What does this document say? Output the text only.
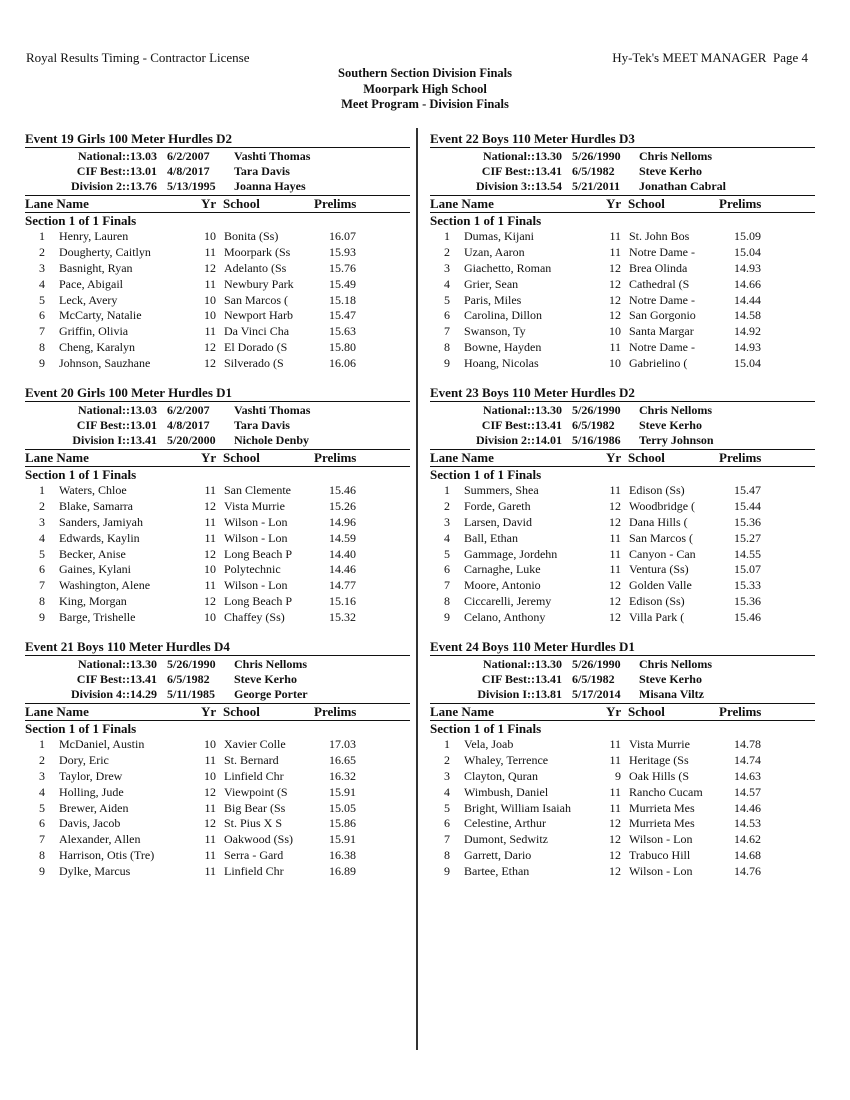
Royal Results Timing - Contractor License	Hy-Tek's MEET MANAGER  Page 4
Southern Section Division Finals
Moorpark High School
Meet Program - Division Finals
Event 19 Girls 100 Meter Hurdles D2
National:: 13.03 6/2/2007 Vashti Thomas
CIF Best:: 13.01 4/8/2017 Tara Davis
Division 2:: 13.76 5/13/1995 Joanna Hayes
Lane Name	Yr School	Prelims
Section 1 of 1 Finals
1 Henry, Lauren	10 Bonita (Ss)	16.07
2 Dougherty, Caitlyn	11 Moorpark (Ss	15.93
3 Basnight, Ryan	12 Adelanto (Ss	15.76
4 Pace, Abigail	11 Newbury Park	15.49
5 Leck, Avery	10 San Marcos (	15.18
6 McCarty, Natalie	10 Newport Harb	15.47
7 Griffin, Olivia	11 Da Vinci Cha	15.63
8 Cheng, Karalyn	12 El Dorado (S	15.80
9 Johnson, Sauzhane	12 Silverado (S	16.06
Event 20 Girls 100 Meter Hurdles D1
National:: 13.03 6/2/2007 Vashti Thomas
CIF Best:: 13.01 4/8/2017 Tara Davis
Division I:: 13.41 5/20/2000 Nichole Denby
Lane Name	Yr School	Prelims
Section 1 of 1 Finals
1 Waters, Chloe	11 San Clemente	15.46
2 Blake, Samarra	12 Vista Murrie	15.26
3 Sanders, Jamiyah	11 Wilson - Lon	14.96
4 Edwards, Kaylin	11 Wilson - Lon	14.59
5 Becker, Anise	12 Long Beach P	14.40
6 Gaines, Kylani	10 Polytechnic	14.46
7 Washington, Alene	11 Wilson - Lon	14.77
8 King, Morgan	12 Long Beach P	15.16
9 Barge, Trishelle	10 Chaffey (Ss)	15.32
Event 21 Boys 110 Meter Hurdles D4
National:: 13.30 5/26/1990 Chris Nelloms
CIF Best:: 13.41 6/5/1982 Steve Kerho
Division 4:: 14.29 5/11/1985 George Porter
Lane Name	Yr School	Prelims
Section 1 of 1 Finals
1 McDaniel, Austin	10 Xavier Colle	17.03
2 Dory, Eric	11 St. Bernard	16.65
3 Taylor, Drew	10 Linfield Chr	16.32
4 Holling, Jude	12 Viewpoint (S	15.91
5 Brewer, Aiden	11 Big Bear (Ss	15.05
6 Davis, Jacob	12 St. Pius X S	15.86
7 Alexander, Allen	11 Oakwood (Ss)	15.91
8 Harrison, Otis (Tre)	11 Serra - Gard	16.38
9 Dylke, Marcus	11 Linfield Chr	16.89
Event 22 Boys 110 Meter Hurdles D3
National:: 13.30 5/26/1990 Chris Nelloms
CIF Best:: 13.41 6/5/1982 Steve Kerho
Division 3:: 13.54 5/21/2011 Jonathan Cabral
Lane Name	Yr School	Prelims
Section 1 of 1 Finals
1 Dumas, Kijani	11 St. John Bos	15.09
2 Uzan, Aaron	11 Notre Dame -	15.04
3 Giachetto, Roman	12 Brea Olinda	14.93
4 Grier, Sean	12 Cathedral (S	14.66
5 Paris, Miles	12 Notre Dame -	14.44
6 Carolina, Dillon	12 San Gorgonio	14.58
7 Swanson, Ty	10 Santa Margar	14.92
8 Bowne, Hayden	11 Notre Dame -	14.93
9 Hoang, Nicolas	10 Gabrielino (	15.04
Event 23 Boys 110 Meter Hurdles D2
National:: 13.30 5/26/1990 Chris Nelloms
CIF Best:: 13.41 6/5/1982 Steve Kerho
Division 2:: 14.01 5/16/1986 Terry Johnson
Lane Name	Yr School	Prelims
Section 1 of 1 Finals
1 Summers, Shea	11 Edison (Ss)	15.47
2 Forde, Gareth	12 Woodbridge (	15.44
3 Larsen, David	12 Dana Hills (	15.36
4 Ball, Ethan	11 San Marcos (	15.27
5 Gammage, Jordehn	11 Canyon - Can	14.55
6 Carnaghe, Luke	11 Ventura (Ss)	15.07
7 Moore, Antonio	12 Golden Valle	15.33
8 Ciccarelli, Jeremy	12 Edison (Ss)	15.36
9 Celano, Anthony	12 Villa Park (	15.46
Event 24 Boys 110 Meter Hurdles D1
National:: 13.30 5/26/1990 Chris Nelloms
CIF Best:: 13.41 6/5/1982 Steve Kerho
Division I:: 13.81 5/17/2014 Misana Viltz
Lane Name	Yr School	Prelims
Section 1 of 1 Finals
1 Vela, Joab	11 Vista Murrie	14.78
2 Whaley, Terrence	11 Heritage (Ss	14.74
3 Clayton, Quran	9 Oak Hills (S	14.63
4 Wimbush, Daniel	11 Rancho Cucam	14.57
5 Bright, William Isaiah	11 Murrieta Mes	14.46
6 Celestine, Arthur	12 Murrieta Mes	14.53
7 Dumont, Sedwitz	12 Wilson - Lon	14.62
8 Garrett, Dario	12 Trabuco Hill	14.68
9 Bartee, Ethan	12 Wilson - Lon	14.76
